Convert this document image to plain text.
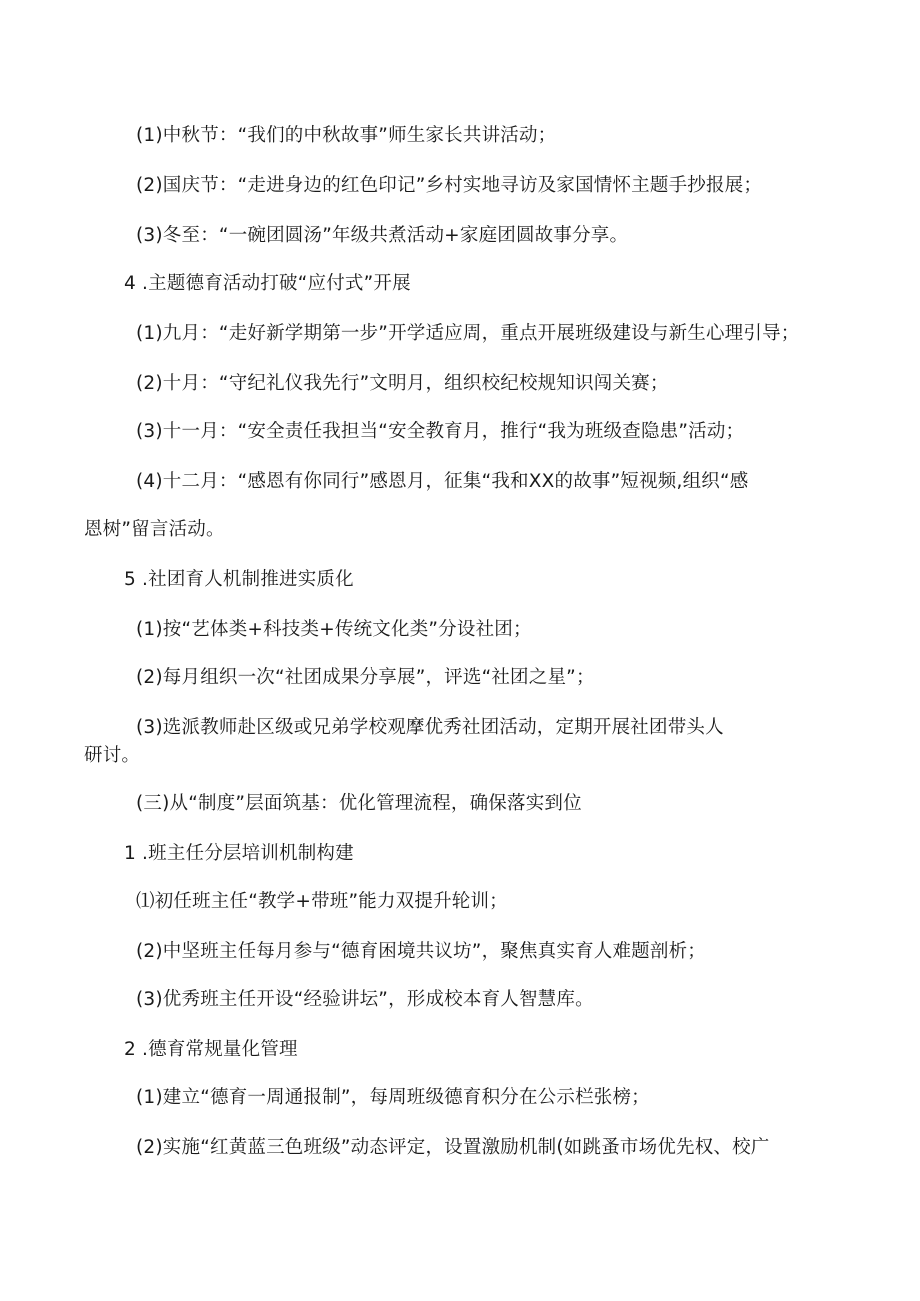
(1)中秋节：“我们的中秋故事”师生家长共讲活动；
(2)国庆节：“走进身边的红色印记”乡村实地寻访及家国情怀主题手抄报展；
(3)冬至：“一碗团圆汤”年级共煮活动+家庭团圆故事分享。
4 .主题德育活动打破“应付式”开展
(1)九月：“走好新学期第一步”开学适应周，重点开展班级建设与新生心理引导；
(2)十月：“守纪礼仪我先行”文明月，组织校纪校规知识闯关赛；
(3)十一月：“安全责任我担当“安全教育月，推行“我为班级查隐患”活动；
(4)十二月：“感恩有你同行”感恩月，征集“我和XX的故事”短视频,组织“感
恩树”留言活动。
5 .社团育人机制推进实质化
(1)按“艺体类+科技类+传统文化类”分设社团；
(2)每月组织一次“社团成果分享展”，评选“社团之星”；
(3)选派教师赴区级或兄弟学校观摩优秀社团活动，定期开展社团带头人
研讨。
(三)从“制度”层面筑基：优化管理流程，确保落实到位
1 .班主任分层培训机制构建
⑴初任班主任“教学+带班”能力双提升轮训；
(2)中坚班主任每月参与“德育困境共议坊”，聚焦真实育人难题剖析；
(3)优秀班主任开设“经验讲坛”，形成校本育人智慧库。
2 .德育常规量化管理
(1)建立“德育一周通报制”，每周班级德育积分在公示栏张榜；
(2)实施“红黄蓝三色班级”动态评定，设置激励机制(如跳蚤市场优先权、校广
